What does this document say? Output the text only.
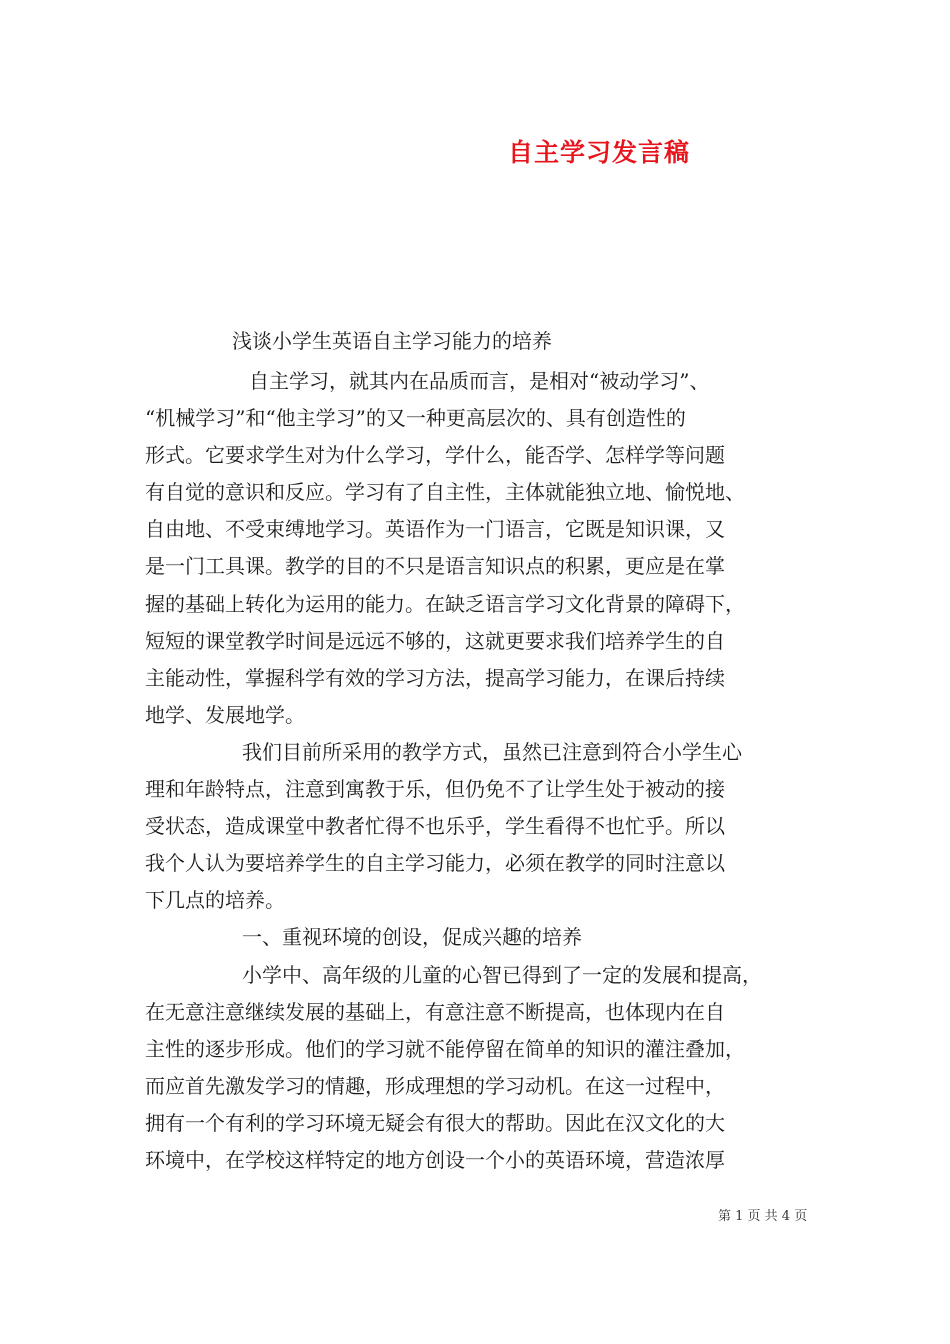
自主学习发言稿
浅谈小学生英语自主学习能力的培养
自主学习，就其内在品质而言，是相对“被动学习”、
“机械学习”和“他主学习”的又一种更高层次的、具有创造性的
形式。它要求学生对为什么学习，学什么，能否学、怎样学等问题
有自觉的意识和反应。学习有了自主性，主体就能独立地、愉悦地、
自由地、不受束缚地学习。英语作为一门语言，它既是知识课，又
是一门工具课。教学的目的不只是语言知识点的积累，更应是在掌
握的基础上转化为运用的能力。在缺乏语言学习文化背景的障碍下，
短短的课堂教学时间是远远不够的，这就更要求我们培养学生的自
主能动性，掌握科学有效的学习方法，提高学习能力，在课后持续
地学、发展地学。
我们目前所采用的教学方式，虽然已注意到符合小学生心
理和年龄特点，注意到寓教于乐，但仍免不了让学生处于被动的接
受状态，造成课堂中教者忙得不也乐乎，学生看得不也忙乎。所以
我个人认为要培养学生的自主学习能力，必须在教学的同时注意以
下几点的培养。
一、重视环境的创设，促成兴趣的培养
小学中、高年级的儿童的心智已得到了一定的发展和提高，
在无意注意继续发展的基础上，有意注意不断提高，也体现内在自
主性的逐步形成。他们的学习就不能停留在简单的知识的灌注叠加，
而应首先激发学习的情趣，形成理想的学习动机。在这一过程中，
拥有一个有利的学习环境无疑会有很大的帮助。因此在汉文化的大
环境中，在学校这样特定的地方创设一个小的英语环境，营造浓厚
第 1 页 共 4 页
